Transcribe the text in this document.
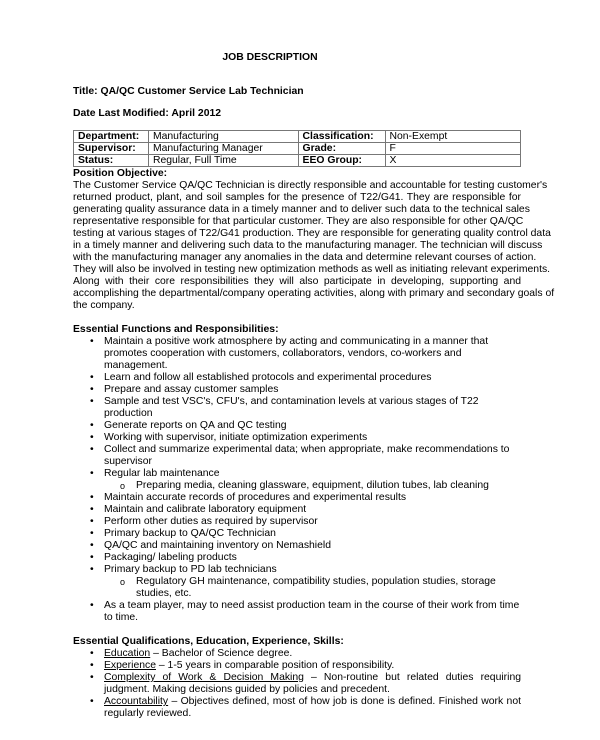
JOB DESCRIPTION
Title: QA/QC Customer Service Lab Technician
Date Last Modified: April 2012
Department:	Manufacturing	Classification:	Non-Exempt
Supervisor:	Manufacturing Manager	Grade:	F
Status:	Regular, Full Time	EEO Group:	X
Position Objective:
The Customer Service QA/QC Technician is directly responsible and accountable for testing customer's
returned product, plant, and soil samples for the presence of T22/G41. They are responsible for
generating quality assurance data in a timely manner and to deliver such data to the technical sales
representative responsible for that particular customer. They are also responsible for other QA/QC
testing at various stages of T22/G41 production. They are responsible for generating quality control data
in a timely manner and delivering such data to the manufacturing manager. The technician will discuss
with the manufacturing manager any anomalies in the data and determine relevant courses of action.
They will also be involved in testing new optimization methods as well as initiating relevant experiments.
Along with their core responsibilities they will also participate in developing, supporting and
accomplishing the departmental/company operating activities, along with primary and secondary goals of
the company.
Essential Functions and Responsibilities:
• Maintain a positive work atmosphere by acting and communicating in a manner that promotes cooperation with customers, collaborators, vendors, co-workers and management.
• Learn and follow all established protocols and experimental procedures
• Prepare and assay customer samples
• Sample and test VSC's, CFU's, and contamination levels at various stages of T22 production
• Generate reports on QA and QC testing
• Working with supervisor, initiate optimization experiments
• Collect and summarize experimental data; when appropriate, make recommendations to supervisor
• Regular lab maintenance
o Preparing media, cleaning glassware, equipment, dilution tubes, lab cleaning
• Maintain accurate records of procedures and experimental results
• Maintain and calibrate laboratory equipment
• Perform other duties as required by supervisor
• Primary backup to QA/QC Technician
• QA/QC and maintaining inventory on Nemashield
• Packaging/ labeling products
• Primary backup to PD lab technicians
o Regulatory GH maintenance, compatibility studies, population studies, storage studies, etc.
• As a team player, may to need assist production team in the course of their work from time to time.
Essential Qualifications, Education, Experience, Skills:
• Education – Bachelor of Science degree.
• Experience – 1-5 years in comparable position of responsibility.
• Complexity of Work & Decision Making – Non-routine but related duties requiring judgment. Making decisions guided by policies and precedent.
• Accountability – Objectives defined, most of how job is done is defined. Finished work not regularly reviewed.
